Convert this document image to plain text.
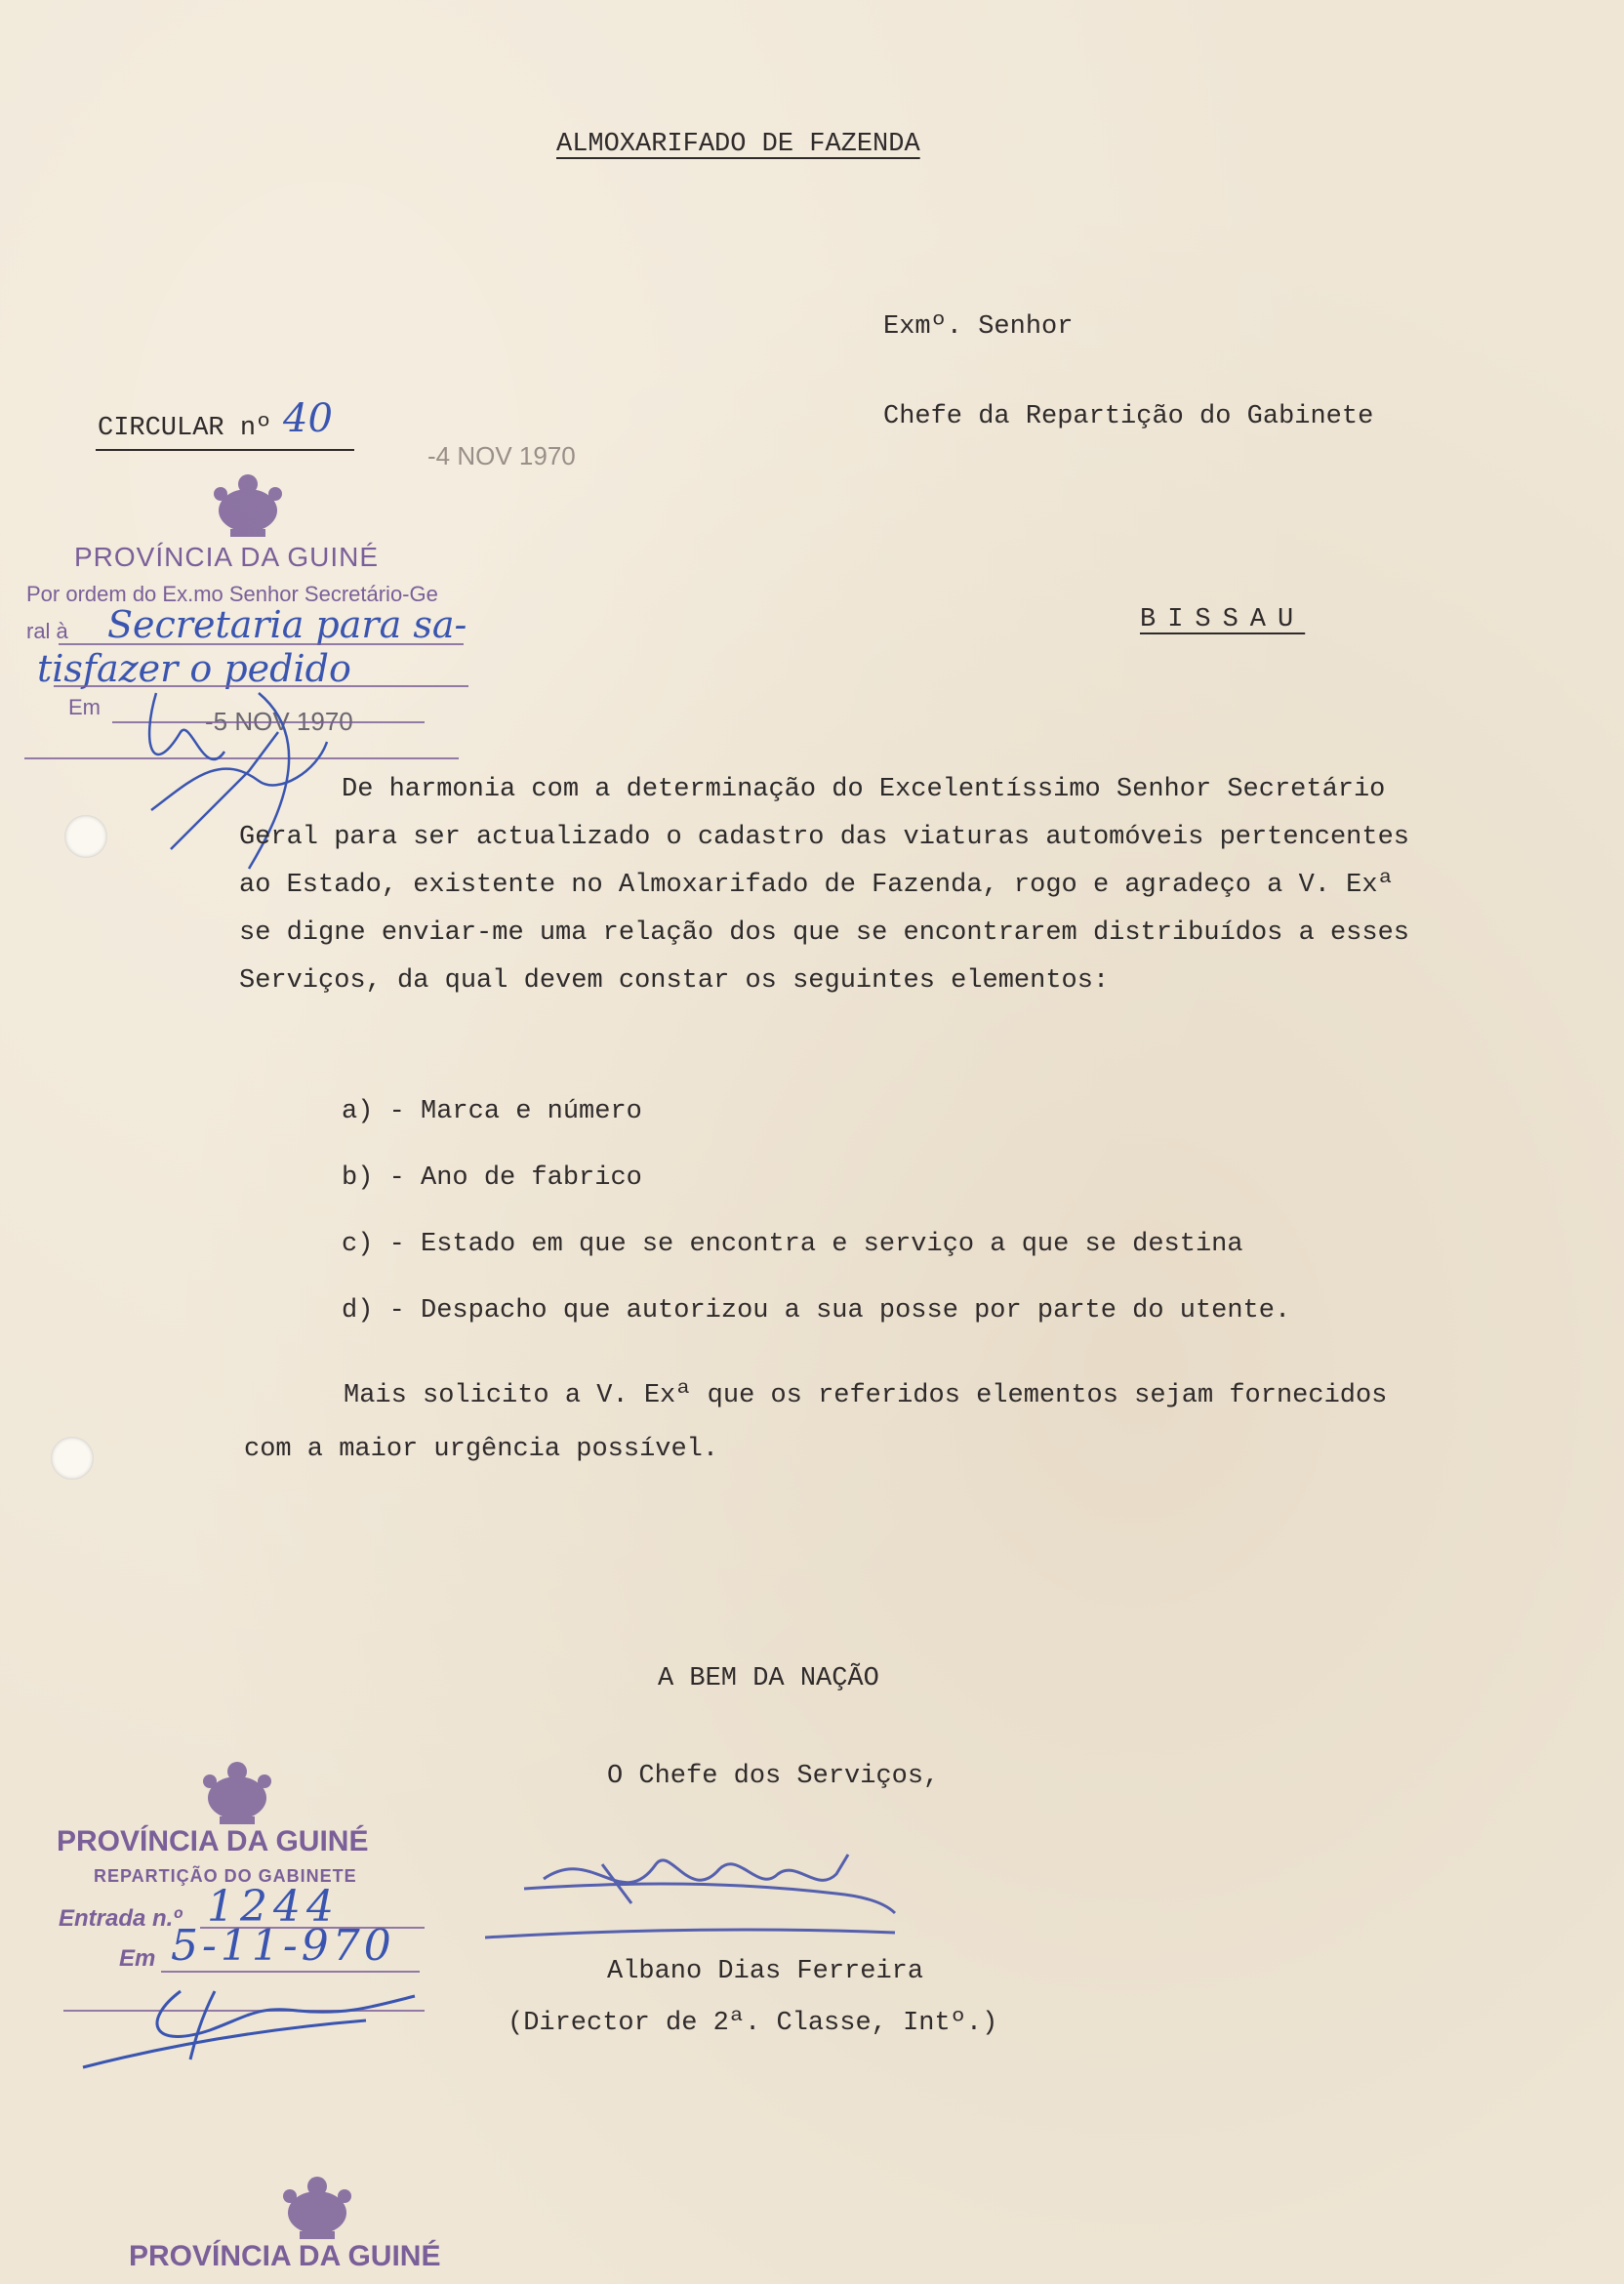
ALMOXARIFADO DE FAZENDA
Exmº. Senhor
Chefe da Repartição do Gabinete
BISSAU
CIRCULAR nº 40
-4 NOV 1970
PROVÍNCIA DA GUINÉ
Por ordem do Ex.mo Senhor Secretário-Ge
ral à Secretaria para sa-
tisfazer o pedido
Em	-5 NOV 1970
De harmonia com a determinação do Excelentíssimo Senhor Secretário
Geral para ser actualizado o cadastro das viaturas automóveis pertencentes
ao Estado, existente no Almoxarifado de Fazenda, rogo e agradeço a V. Exª
se digne enviar-me uma relação dos que se encontrarem distribuídos a esses
Serviços, da qual devem constar os seguintes elementos:
a) - Marca e número
b) - Ano de fabrico
c) - Estado em que se encontra e serviço a que se destina
d) - Despacho que autorizou a sua posse por parte do utente.
Mais solicito a V. Exª que os referidos elementos sejam fornecidos
com a maior urgência possível.
A BEM DA NAÇÃO
O Chefe dos Serviços,
Albano Dias Ferreira
(Director de 2ª. Classe, Intº.)
PROVÍNCIA DA GUINÉ
REPARTIÇÃO DO GABINETE
Entrada n.º 1244
Em 5-11-970
PROVÍNCIA DA GUINÉ
